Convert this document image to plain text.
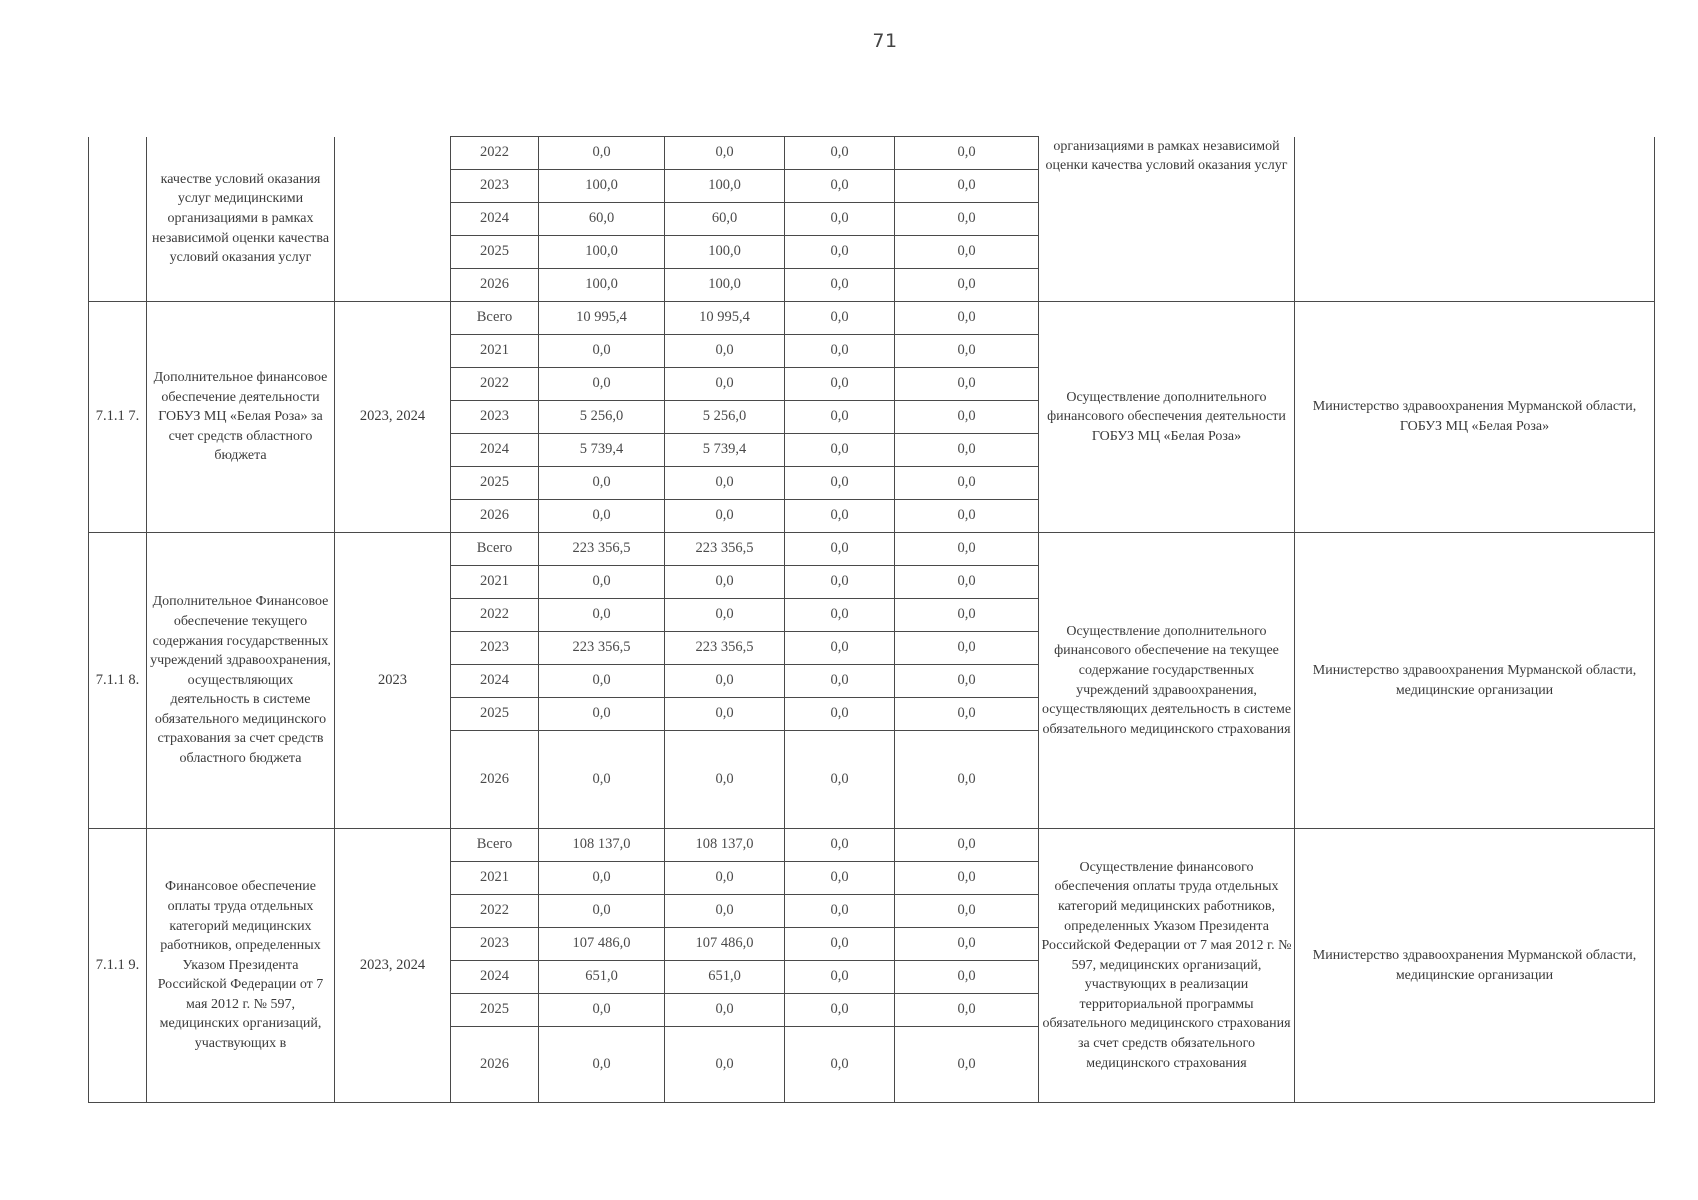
71
	качестве условий оказания услуг медицинскими организациями в рамках независимой оценки качества условий оказания услуг		2022	0,0	0,0	0,0	0,0	организациями в рамках независимой оценки качества условий оказания услуг	
			2023	100,0	100,0	0,0	0,0		
			2024	60,0	60,0	0,0	0,0		
			2025	100,0	100,0	0,0	0,0		
			2026	100,0	100,0	0,0	0,0		
7.1.1 7.	Дополнительное финансовое обеспечение деятельности ГОБУЗ МЦ «Белая Роза» за счет средств областного бюджета	2023, 2024	Всего	10 995,4	10 995,4	0,0	0,0	Осуществление дополнительного финансового обеспечения деятельности ГОБУЗ МЦ «Белая Роза»	Министерство здравоохранения Мурманской области, ГОБУЗ МЦ «Белая Роза»
			2021	0,0	0,0	0,0	0,0		
			2022	0,0	0,0	0,0	0,0		
			2023	5 256,0	5 256,0	0,0	0,0		
			2024	5 739,4	5 739,4	0,0	0,0		
			2025	0,0	0,0	0,0	0,0		
			2026	0,0	0,0	0,0	0,0		
7.1.1 8.	Дополнительное Финансовое обеспечение текущего содержания государственных учреждений здравоохранения, осуществляющих деятельность в системе обязательного медицинского страхования за счет средств областного бюджета	2023	Всего	223 356,5	223 356,5	0,0	0,0	Осуществление дополнительного финансового обеспечение на текущее содержание государственных учреждений здравоохранения, осуществляющих деятельность в системе обязательного медицинского страхования	Министерство здравоохранения Мурманской области, медицинские организации
			2021	0,0	0,0	0,0	0,0		
			2022	0,0	0,0	0,0	0,0		
			2023	223 356,5	223 356,5	0,0	0,0		
			2024	0,0	0,0	0,0	0,0		
			2025	0,0	0,0	0,0	0,0		
			2026	0,0	0,0	0,0	0,0		
7.1.1 9.	Финансовое обеспечение оплаты труда отдельных категорий медицинских работников, определенных Указом Президента Российской Федерации от 7 мая 2012 г. № 597, медицинских организаций, участвующих в	2023, 2024	Всего	108 137,0	108 137,0	0,0	0,0	Осуществление финансового обеспечения оплаты труда отдельных категорий медицинских работников, определенных Указом Президента Российской Федерации от 7 мая 2012 г. № 597, медицинских организаций, участвующих в реализации территориальной программы обязательного медицинского страхования за счет средств обязательного медицинского страхования	Министерство здравоохранения Мурманской области, медицинские организации
			2021	0,0	0,0	0,0	0,0		
			2022	0,0	0,0	0,0	0,0		
			2023	107 486,0	107 486,0	0,0	0,0		
			2024	651,0	651,0	0,0	0,0		
			2025	0,0	0,0	0,0	0,0		
			2026	0,0	0,0	0,0	0,0		
